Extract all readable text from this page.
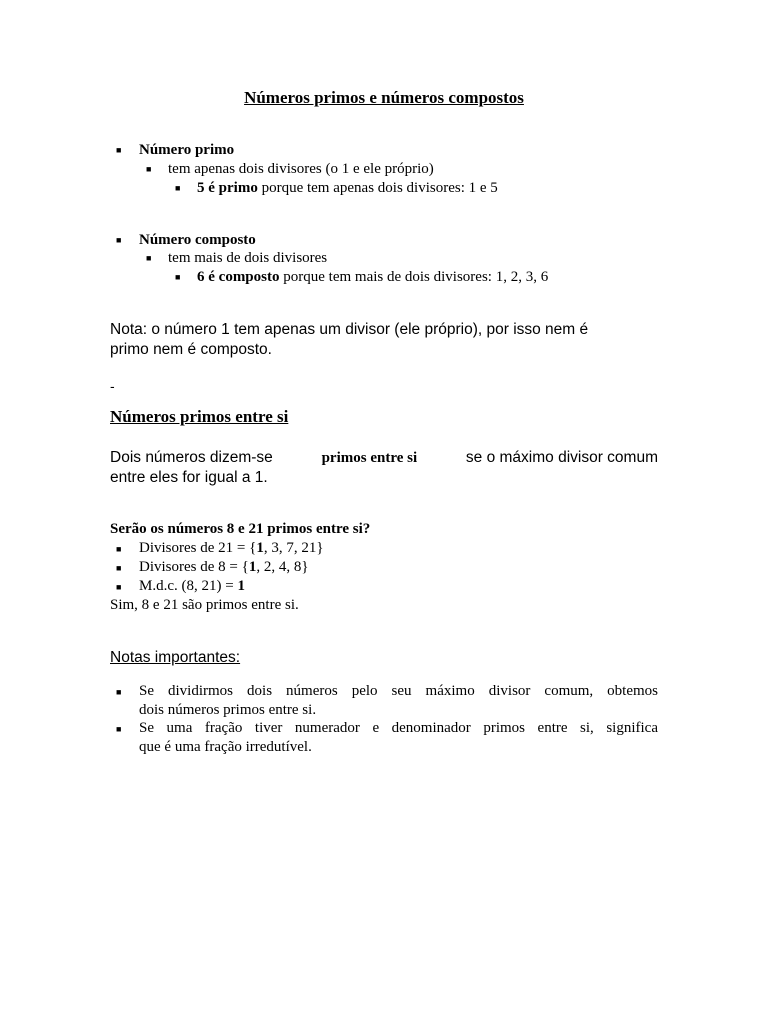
Números primos e números compostos
■ Número primo
■ tem apenas dois divisores (o 1 e ele próprio)
■ 5 é primo porque tem apenas dois divisores: 1 e 5
■ Número composto
■ tem mais de dois divisores
■ 6 é composto porque tem mais de dois divisores: 1, 2, 3, 6
Nota: o número 1 tem apenas um divisor (ele próprio), por isso nem é
primo nem é composto.
-
Números primos entre si
Dois números dizem-se	primos entre si	se o máximo divisor comum
entre eles for igual a 1.
Serão os números 8 e 21 primos entre si?
■ Divisores de 21 = {1, 3, 7, 21}
■ Divisores de 8 = {1, 2, 4, 8}
■ M.d.c. (8, 21) = 1
Sim, 8 e 21 são primos entre si.
Notas importantes:
■ Se dividirmos dois números pelo seu máximo divisor comum, obtemos
dois números primos entre si.
■ Se uma fração tiver numerador e denominador primos entre si, significa
que é uma fração irredutível.
